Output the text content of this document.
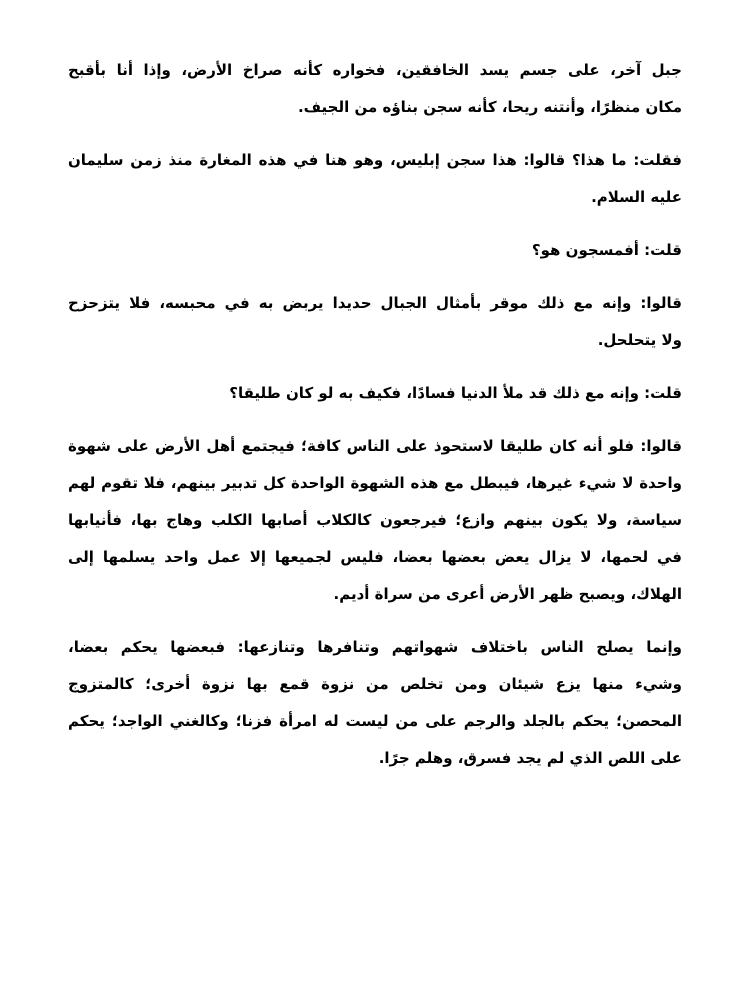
جبل آخر، على جسم يسد الخافقين، فخواره كأنه صراخ الأرض، وإذا أنا بأقبح
مكان منظرًا، وأنتنه ريحا، كأنه سجن بناؤه من الجيف.

فقلت: ما هذا؟ قالوا: هذا سجن إبليس، وهو هنا في هذه المغارة منذ زمن سليمان
عليه السلام.

قلت: أفمسجون هو؟

قالوا: وإنه مع ذلك موقر بأمثال الجبال حديدا يربض به في محبسه، فلا يتزحزح
ولا يتحلحل.

قلت: وإنه مع ذلك قد ملأ الدنيا فسادًا، فكيف به لو كان طليقا؟

قالوا: فلو أنه كان طليقا لاستحوذ على الناس كافة؛ فيجتمع أهل الأرض على شهوة
واحدة لا شيء غيرها، فيبطل مع هذه الشهوة الواحدة كل تدبير بينهم، فلا تقوم لهم
سياسة، ولا يكون بينهم وازع؛ فيرجعون كالكلاب أصابها الكلب وهاج بها، فأنيابها
في لحمها، لا يزال يعض بعضها بعضا، فليس لجميعها إلا عمل واحد يسلمها إلى
الهلاك، ويصبح ظهر الأرض أعرى من سراة أديم.

وإنما يصلح الناس باختلاف شهواتهم وتنافرها وتنازعها: فبعضها يحكم بعضا،
وشيء منها يزع شيئان ومن تخلص من نزوة قمع بها نزوة أخرى؛ كالمتزوج
المحصن؛ يحكم بالجلد والرجم على من ليست له امرأة فزنا؛ وكالغني الواجد؛ يحكم
على اللص الذي لم يجد فسرق، وهلم جرًا.
